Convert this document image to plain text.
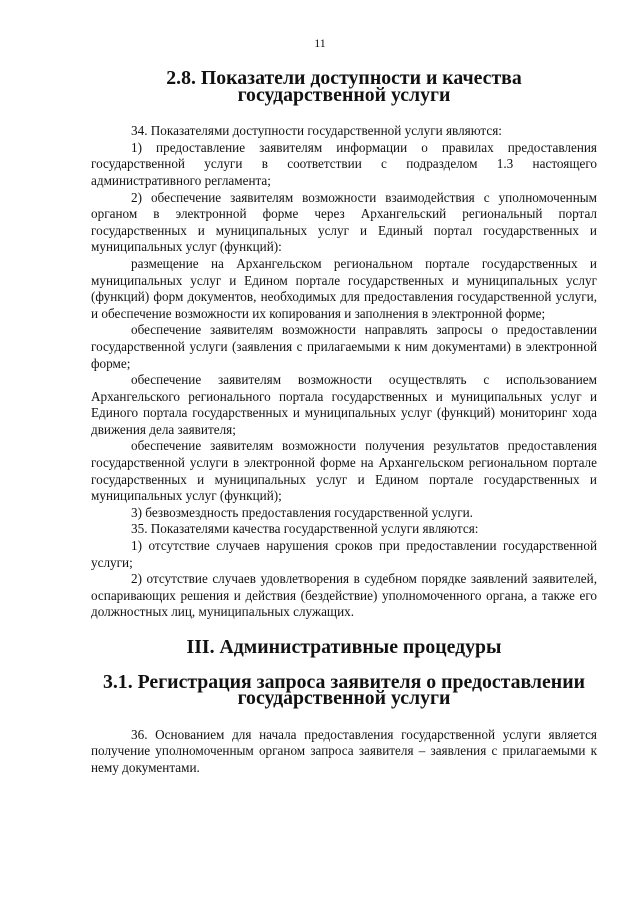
11
2.8. Показатели доступности и качества
государственной услуги

34. Показателями доступности государственной услуги являются:

1) предоставление заявителям информации о правилах предоставления государственной услуги в соответствии с подразделом 1.3 настоящего административного регламента;

2) обеспечение заявителям возможности взаимодействия с уполномоченным органом в электронной форме через Архангельский региональный портал государственных и муниципальных услуг и Единый портал государственных и муниципальных услуг (функций):

размещение на Архангельском региональном портале государственных и муниципальных услуг и Едином портале государственных и муниципальных услуг (функций) форм документов, необходимых для предоставления государственной услуги, и обеспечение возможности их копирования и заполнения в электронной форме;

обеспечение заявителям возможности направлять запросы о предоставлении государственной услуги (заявления с прилагаемыми к ним документами) в электронной форме;

обеспечение заявителям возможности осуществлять с использованием Архангельского регионального портала государственных и муниципальных услуг и Единого портала государственных и муниципальных услуг (функций) мониторинг хода движения дела заявителя;

обеспечение заявителям возможности получения результатов предоставления государственной услуги в электронной форме на Архангельском региональном портале государственных и муниципальных услуг и Едином портале государственных и муниципальных услуг (функций);

3) безвозмездность предоставления государственной услуги.

35. Показателями качества государственной услуги являются:

1) отсутствие случаев нарушения сроков при предоставлении государственной услуги;

2) отсутствие случаев удовлетворения в судебном порядке заявлений заявителей, оспаривающих решения и действия (бездействие) уполномоченного органа, а также его должностных лиц, муниципальных служащих.

III. Административные процедуры
3.1. Регистрация запроса заявителя о предоставлении
государственной услуги

36. Основанием для начала предоставления государственной услуги является получение уполномоченным органом запроса заявителя – заявления с прилагаемыми к нему документами.
